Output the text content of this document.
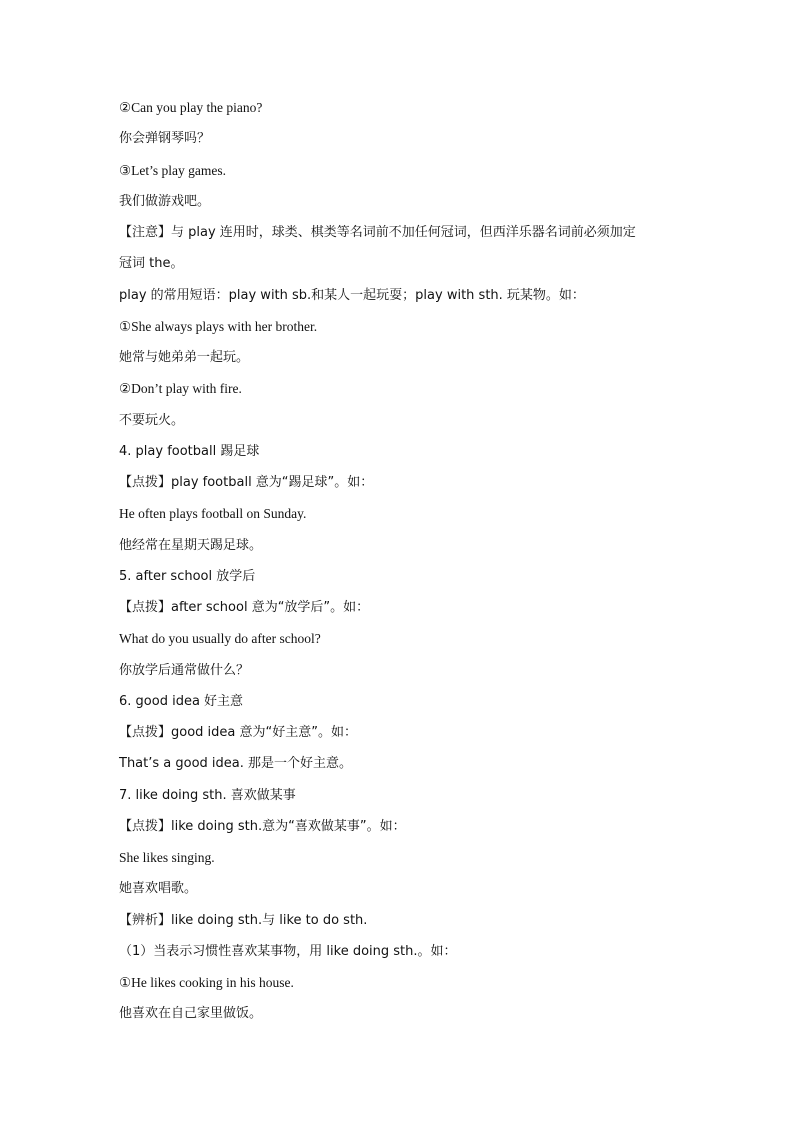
②Can you play the piano?
你会弹钢琴吗？
③Let’s play games.
我们做游戏吧。
【注意】与 play 连用时，球类、棋类等名词前不加任何冠词，但西洋乐器名词前必须加定
冠词 the。
play 的常用短语：play with sb.和某人一起玩耍；play with sth. 玩某物。如：
①She always plays with her brother.
她常与她弟弟一起玩。
②Don’t play with fire.
不要玩火。
4. play football 踢足球
【点拨】play football 意为“踢足球”。如：
He often plays football on Sunday.
他经常在星期天踢足球。
5. after school 放学后
【点拨】after school 意为“放学后”。如：
What do you usually do after school?
你放学后通常做什么？
6. good idea 好主意
【点拨】good idea 意为“好主意”。如：
That’s a good idea. 那是一个好主意。
7. like doing sth. 喜欢做某事
【点拨】like doing sth.意为“喜欢做某事”。如：
She likes singing.
她喜欢唱歌。
【辨析】like doing sth.与 like to do sth.
（1）当表示习惯性喜欢某事物，用 like doing sth.。如：
①He likes cooking in his house.
他喜欢在自己家里做饭。
